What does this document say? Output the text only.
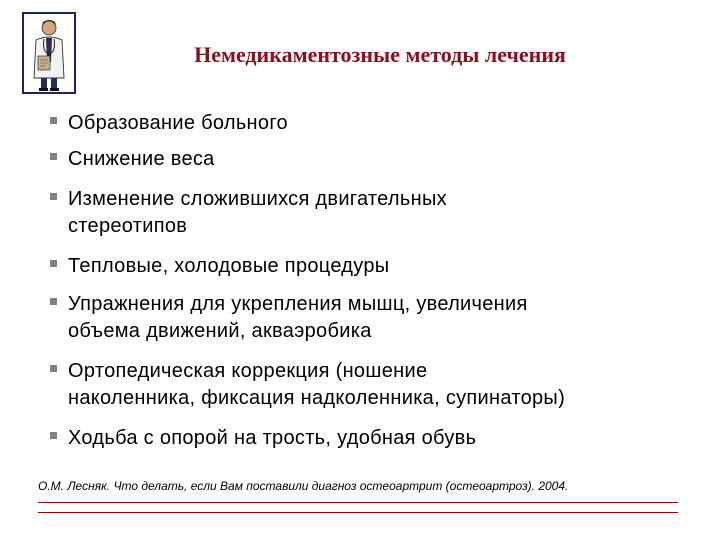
Немедикаментозные методы лечения
Образование больного
Снижение веса
Изменение сложившихся двигательных
стереотипов
Тепловые, холодовые процедуры
Упражнения для укрепления мышц, увеличения
объема движений, акваэробика
Ортопедическая коррекция (ношение
наколенника, фиксация надколенника, супинаторы)
Ходьба с опорой на трость, удобная обувь
О.М. Лесняк. Что делать, если Вам поставили диагноз остеоартрит (остеоартроз). 2004.
